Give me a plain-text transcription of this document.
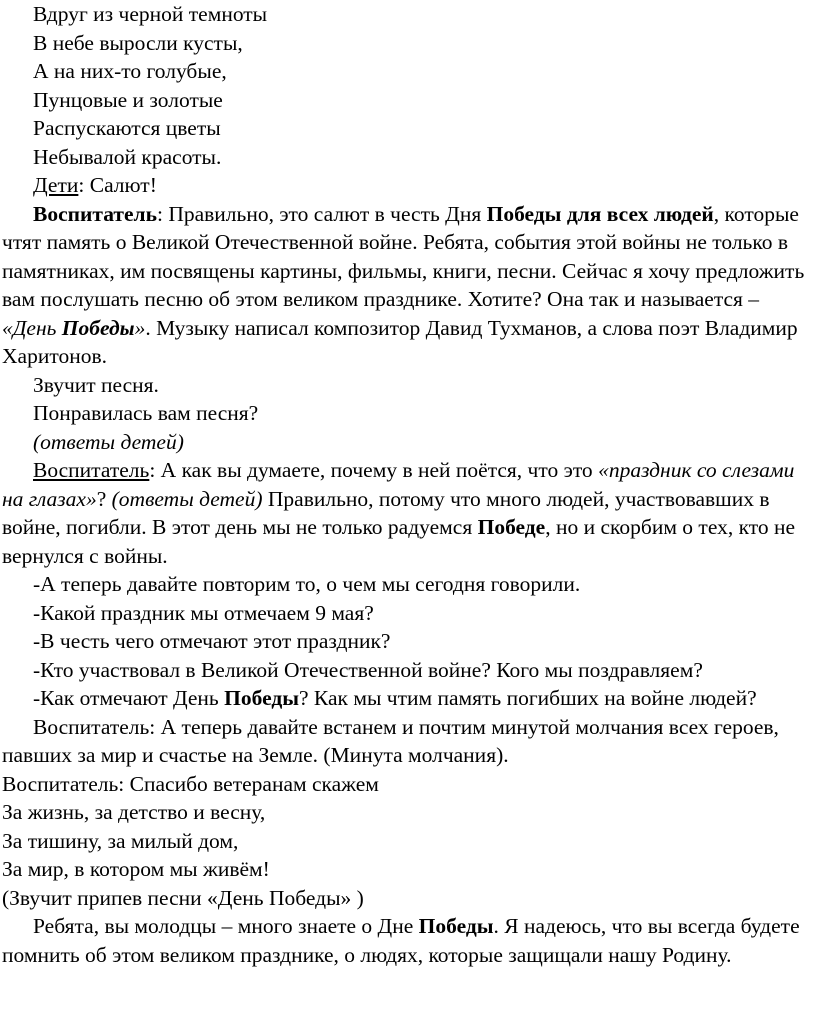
Вдруг из черной темноты

В небе выросли кусты,

А на них-то голубые,

Пунцовые и золотые

Распускаются цветы

Небывалой красоты.

Дети: Салют!

Воспитатель: Правильно, это салют в честь Дня Победы для всех людей, которые чтят память о Великой Отечественной войне. Ребята, события этой войны не только в памятниках, им посвящены картины, фильмы, книги, песни. Сейчас я хочу предложить вам послушать песню об этом великом празднике. Хотите? Она так и называется – «День Победы». Музыку написал композитор Давид Тухманов, а слова поэт Владимир Харитонов.

Звучит песня.

Понравилась вам песня?

(ответы детей)

Воспитатель: А как вы думаете, почему в ней поётся, что это «праздник со слезами на глазах»? (ответы детей) Правильно, потому что много людей, участвовавших в войне, погибли. В этот день мы не только радуемся Победе, но и скорбим о тех, кто не вернулся с войны.

-А теперь давайте повторим то, о чем мы сегодня говорили.

-Какой праздник мы отмечаем 9 мая?

-В честь чего отмечают этот праздник?

-Кто участвовал в Великой Отечественной войне? Кого мы поздравляем?

-Как отмечают День Победы? Как мы чтим память погибших на войне людей?

Воспитатель: А теперь давайте встанем и почтим минутой молчания всех героев, павших за мир и счастье на Земле. (Минута молчания).

Воспитатель: Спасибо ветеранам скажем

За жизнь, за детство и весну,

За тишину, за милый дом,

За мир, в котором мы живём!

(Звучит припев песни «День Победы» )

Ребята, вы молодцы – много знаете о Дне Победы. Я надеюсь, что вы всегда будете помнить об этом великом празднике, о людях, которые защищали нашу Родину.
